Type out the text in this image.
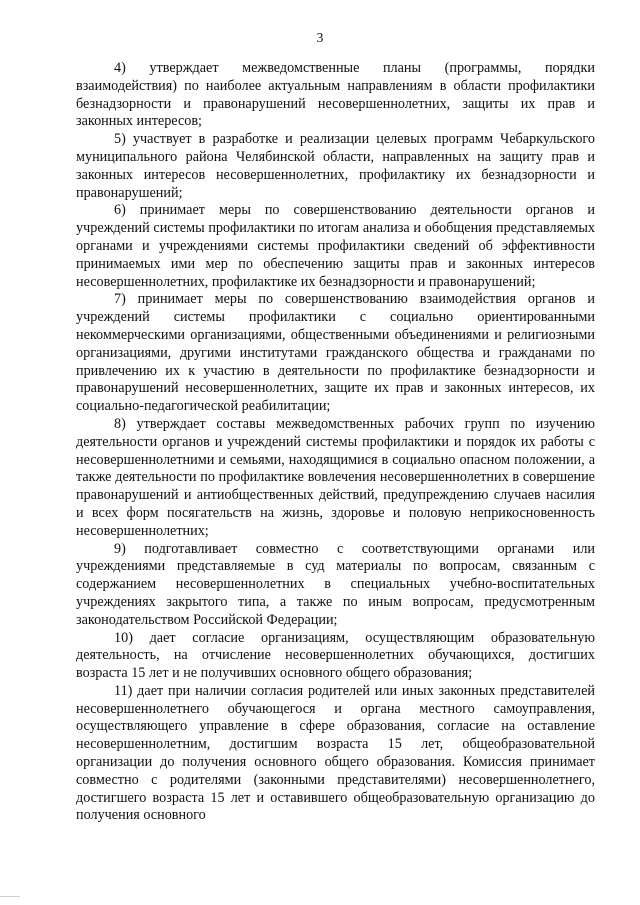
3

4) утверждает межведомственные планы (программы, порядки взаимодействия) по наиболее актуальным направлениям в области профилактики безнадзорности и правонарушений несовершеннолетних, защиты их прав и законных интересов;

5) участвует в разработке и реализации целевых программ Чебаркульского муниципального района Челябинской области, направленных на защиту прав и законных интересов несовершеннолетних, профилактику их безнадзорности и правонарушений;

6) принимает меры по совершенствованию деятельности органов и учреждений системы профилактики по итогам анализа и обобщения представляемых органами и учреждениями системы профилактики сведений об эффективности принимаемых ими мер по обеспечению защиты прав и законных интересов несовершеннолетних, профилактике их безнадзорности и правонарушений;

7) принимает меры по совершенствованию взаимодействия органов и учреждений системы профилактики с социально ориентированными некоммерческими организациями, общественными объединениями и религиозными организациями, другими институтами гражданского общества и гражданами по привлечению их к участию в деятельности по профилактике безнадзорности и правонарушений несовершеннолетних, защите их прав и законных интересов, их социально-педагогической реабилитации;

8) утверждает составы межведомственных рабочих групп по изучению деятельности органов и учреждений системы профилактики и порядок их работы с несовершеннолетними и семьями, находящимися в социально опасном положении, а также деятельности по профилактике вовлечения несовершеннолетних в совершение правонарушений и антиобщественных действий, предупреждению случаев насилия и всех форм посягательств на жизнь, здоровье и половую неприкосновенность несовершеннолетних;

9) подготавливает совместно с соответствующими органами или учреждениями представляемые в суд материалы по вопросам, связанным с содержанием несовершеннолетних в специальных учебно-воспитательных учреждениях закрытого типа, а также по иным вопросам, предусмотренным законодательством Российской Федерации;

10) дает согласие организациям, осуществляющим образовательную деятельность, на отчисление несовершеннолетних обучающихся, достигших возраста 15 лет и не получивших основного общего образования;

11) дает при наличии согласия родителей или иных законных представителей несовершеннолетнего обучающегося и органа местного самоуправления, осуществляющего управление в сфере образования, согласие на оставление несовершеннолетним, достигшим возраста 15 лет, общеобразовательной организации до получения основного общего образования. Комиссия принимает совместно с родителями (законными представителями) несовершеннолетнего, достигшего возраста 15 лет и оставившего общеобразовательную организацию до получения основного
